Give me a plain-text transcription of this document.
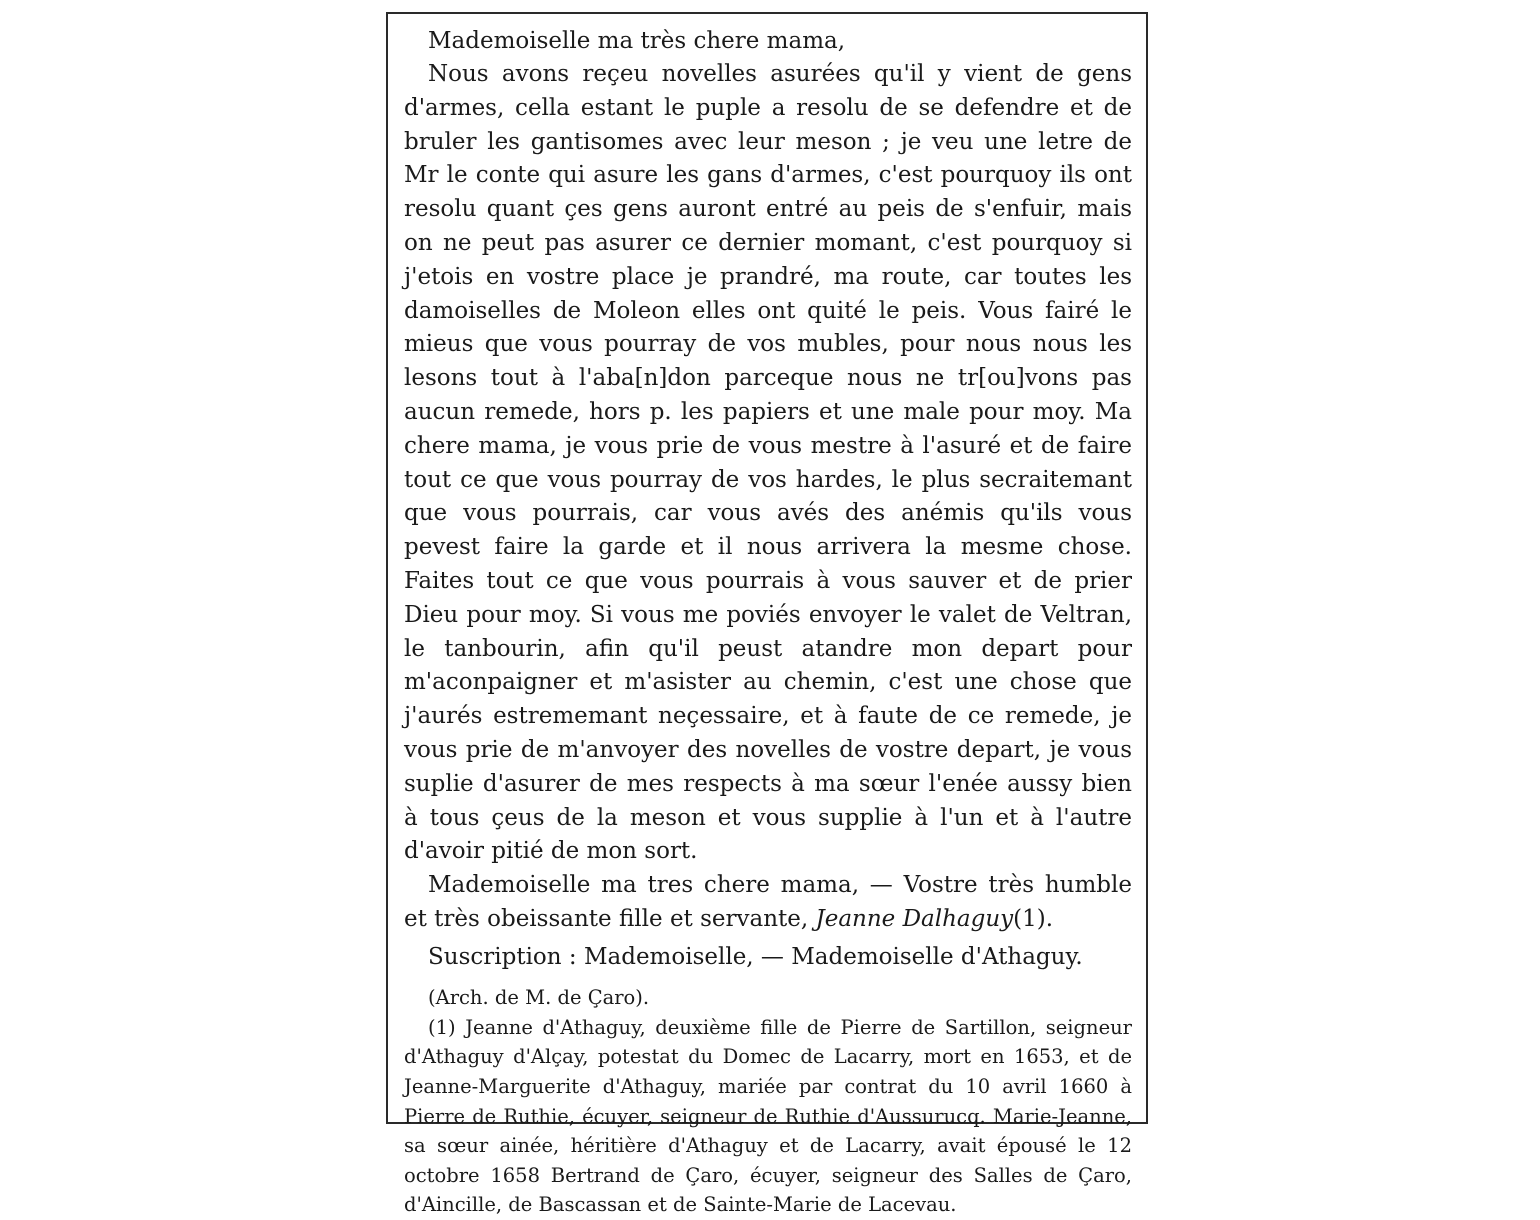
Mademoiselle ma très chere mama,

Nous avons reçeu novelles asurées qu'il y vient de gens d'armes, cella estant le puple a resolu de se defendre et de bruler les gantisomes avec leur meson ; je veu une letre de Mr le conte qui asure les gans d'armes, c'est pourquoy ils ont resolu quant çes gens auront entré au peis de s'enfuir, mais on ne peut pas asurer ce dernier momant, c'est pourquoy si j'etois en vostre place je prandré, ma route, car toutes les damoiselles de Moleon elles ont quité le peis. Vous fairé le mieus que vous pourray de vos mubles, pour nous nous les lesons tout à l'aba[n]don parceque nous ne tr[ou]vons pas aucun remede, hors p. les papiers et une male pour moy. Ma chere mama, je vous prie de vous mestre à l'asuré et de faire tout ce que vous pourray de vos hardes, le plus secraitemant que vous pourrais, car vous avés des anémis qu'ils vous pevest faire la garde et il nous arrivera la mesme chose. Faites tout ce que vous pourrais à vous sauver et de prier Dieu pour moy. Si vous me poviés envoyer le valet de Veltran, le tanbourin, afin qu'il peust atandre mon depart pour m'aconpaigner et m'asister au chemin, c'est une chose que j'aurés estrememant neçessaire, et à faute de ce remede, je vous prie de m'anvoyer des novelles de vostre depart, je vous suplie d'asurer de mes respects à ma sœur l'enée aussy bien à tous çeus de la meson et vous supplie à l'un et à l'autre d'avoir pitié de mon sort.

Mademoiselle ma tres chere mama, — Vostre très humble et très obeissante fille et servante, Jeanne Dalhaguy(1).

Suscription : Mademoiselle, — Mademoiselle d'Athaguy.

(Arch. de M. de Çaro).

(1) Jeanne d'Athaguy, deuxième fille de Pierre de Sartillon, seigneur d'Athaguy d'Alçay, potestat du Domec de Lacarry, mort en 1653, et de Jeanne-Marguerite d'Athaguy, mariée par contrat du 10 avril 1660 à Pierre de Ruthie, écuyer, seigneur de Ruthie d'Aussurucq. Marie-Jeanne, sa sœur ainée, héritière d'Athaguy et de Lacarry, avait épousé le 12 octobre 1658 Bertrand de Çaro, écuyer, seigneur des Salles de Çaro, d'Aincille, de Bascassan et de Sainte-Marie de Lacevau.
